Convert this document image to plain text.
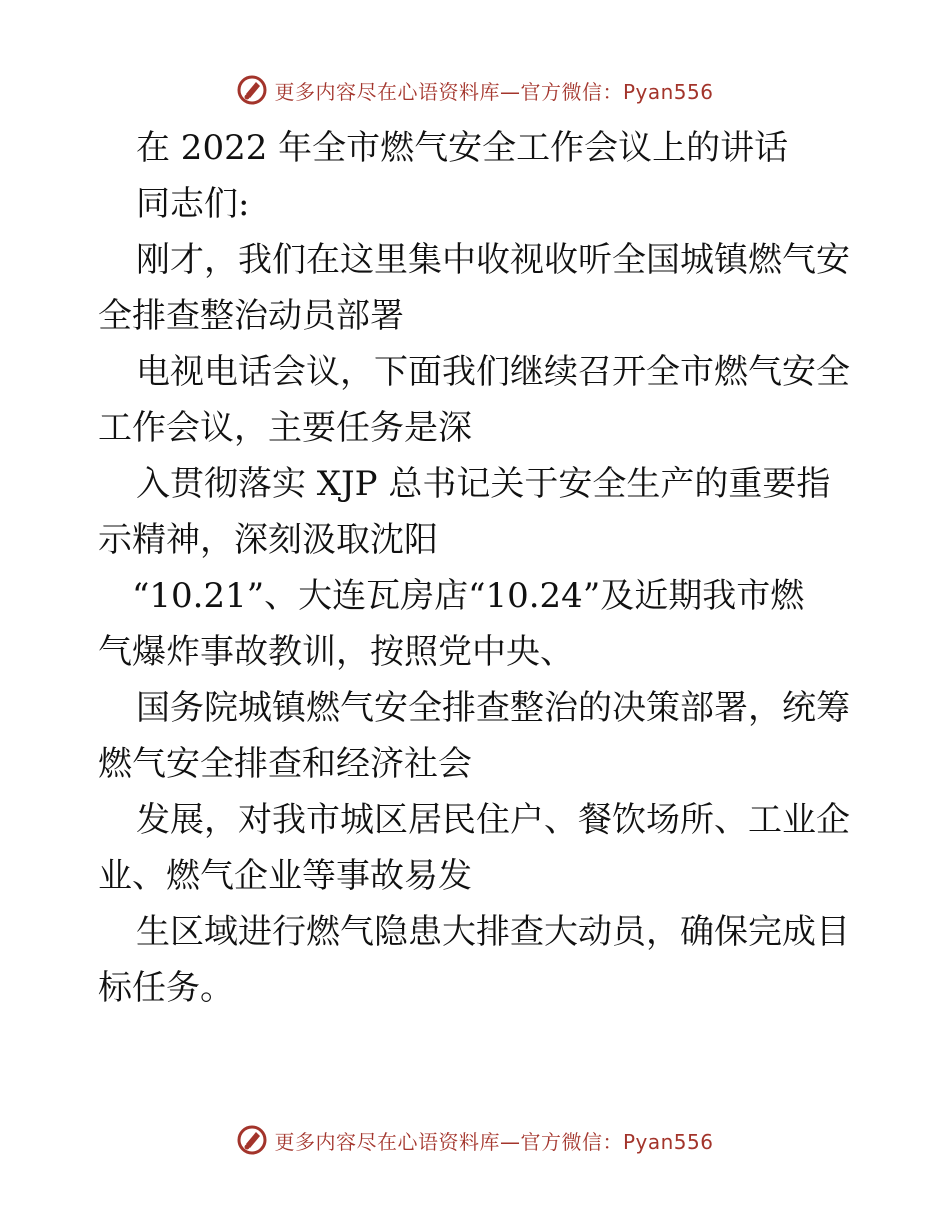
更多内容尽在心语资料库—官方微信：Pyan556
在 2022 年全市燃气安全工作会议上的讲话
同志们:
刚才，我们在这里集中收视收听全国城镇燃气安
全排查整治动员部署
电视电话会议，下面我们继续召开全市燃气安全
工作会议，主要任务是深
入贯彻落实 XJP 总书记关于安全生产的重要指
示精神，深刻汲取沈阳
“10.21”、大连瓦房店“10.24”及近期我市燃
气爆炸事故教训，按照党中央、
国务院城镇燃气安全排查整治的决策部署，统筹
燃气安全排查和经济社会
发展，对我市城区居民住户、餐饮场所、工业企
业、燃气企业等事故易发
生区域进行燃气隐患大排查大动员，确保完成目
标任务。
更多内容尽在心语资料库—官方微信：Pyan556
